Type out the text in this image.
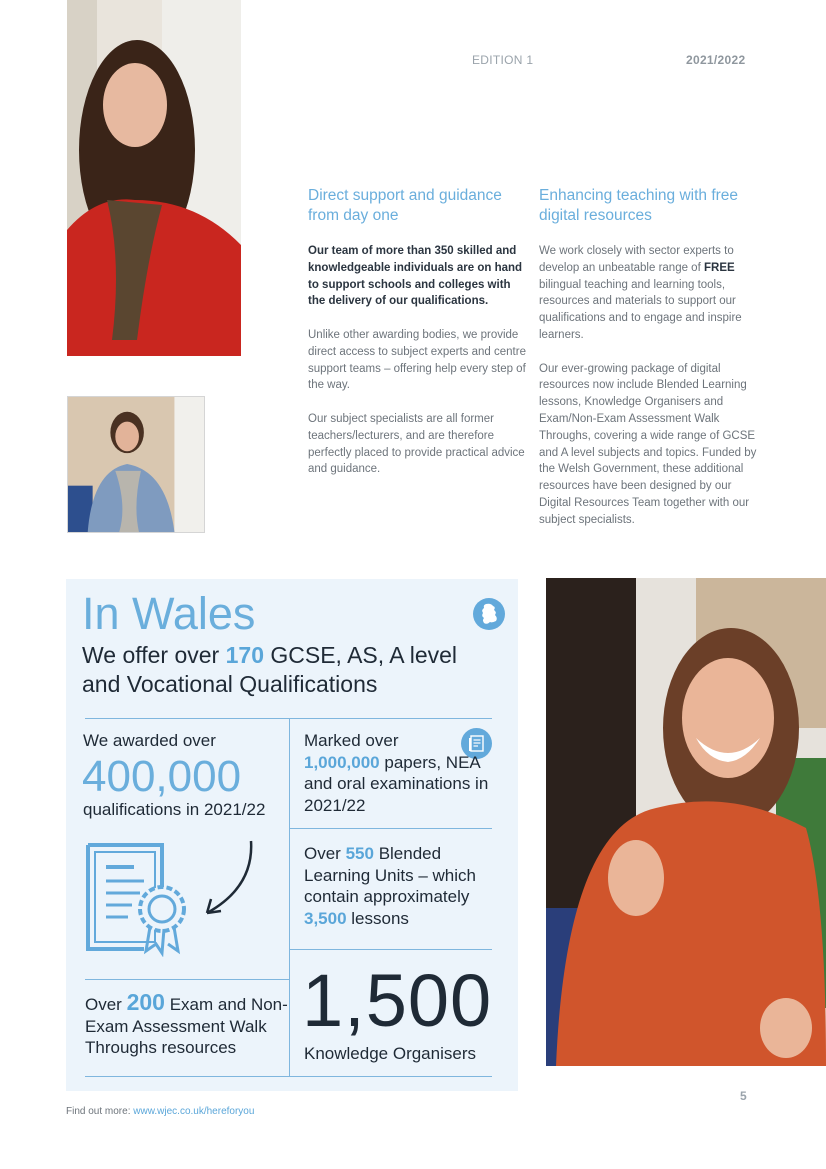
EDITION 1	2021/2022
Direct support and guidance from day one

Our team of more than 350 skilled and knowledgeable individuals are on hand to support schools and colleges with the delivery of our qualifications.

Unlike other awarding bodies, we provide direct access to subject experts and centre support teams – offering help every step of the way.

Our subject specialists are all former teachers/lecturers, and are therefore perfectly placed to provide practical advice and guidance.

Enhancing teaching with free digital resources

We work closely with sector experts to develop an unbeatable range of FREE bilingual teaching and learning tools, resources and materials to support our qualifications and to engage and inspire learners.

Our ever-growing package of digital resources now include Blended Learning lessons, Knowledge Organisers and Exam/Non-Exam Assessment Walk Throughs, covering a wide range of GCSE and A level subjects and topics. Funded by the Welsh Government, these additional resources have been designed by our Digital Resources Team together with our subject specialists.

In Wales
We offer over 170 GCSE, AS, A level and Vocational Qualifications
We awarded over
400,000
qualifications in 2021/22
Marked over
1,000,000 papers, NEA and oral examinations in 2021/22
Over 550 Blended Learning Units – which contain approximately 3,500 lessons
Over 200 Exam and Non-Exam Assessment Walk Throughs resources
1,500
Knowledge Organisers
Find out more: www.wjec.co.uk/hereforyou
5
